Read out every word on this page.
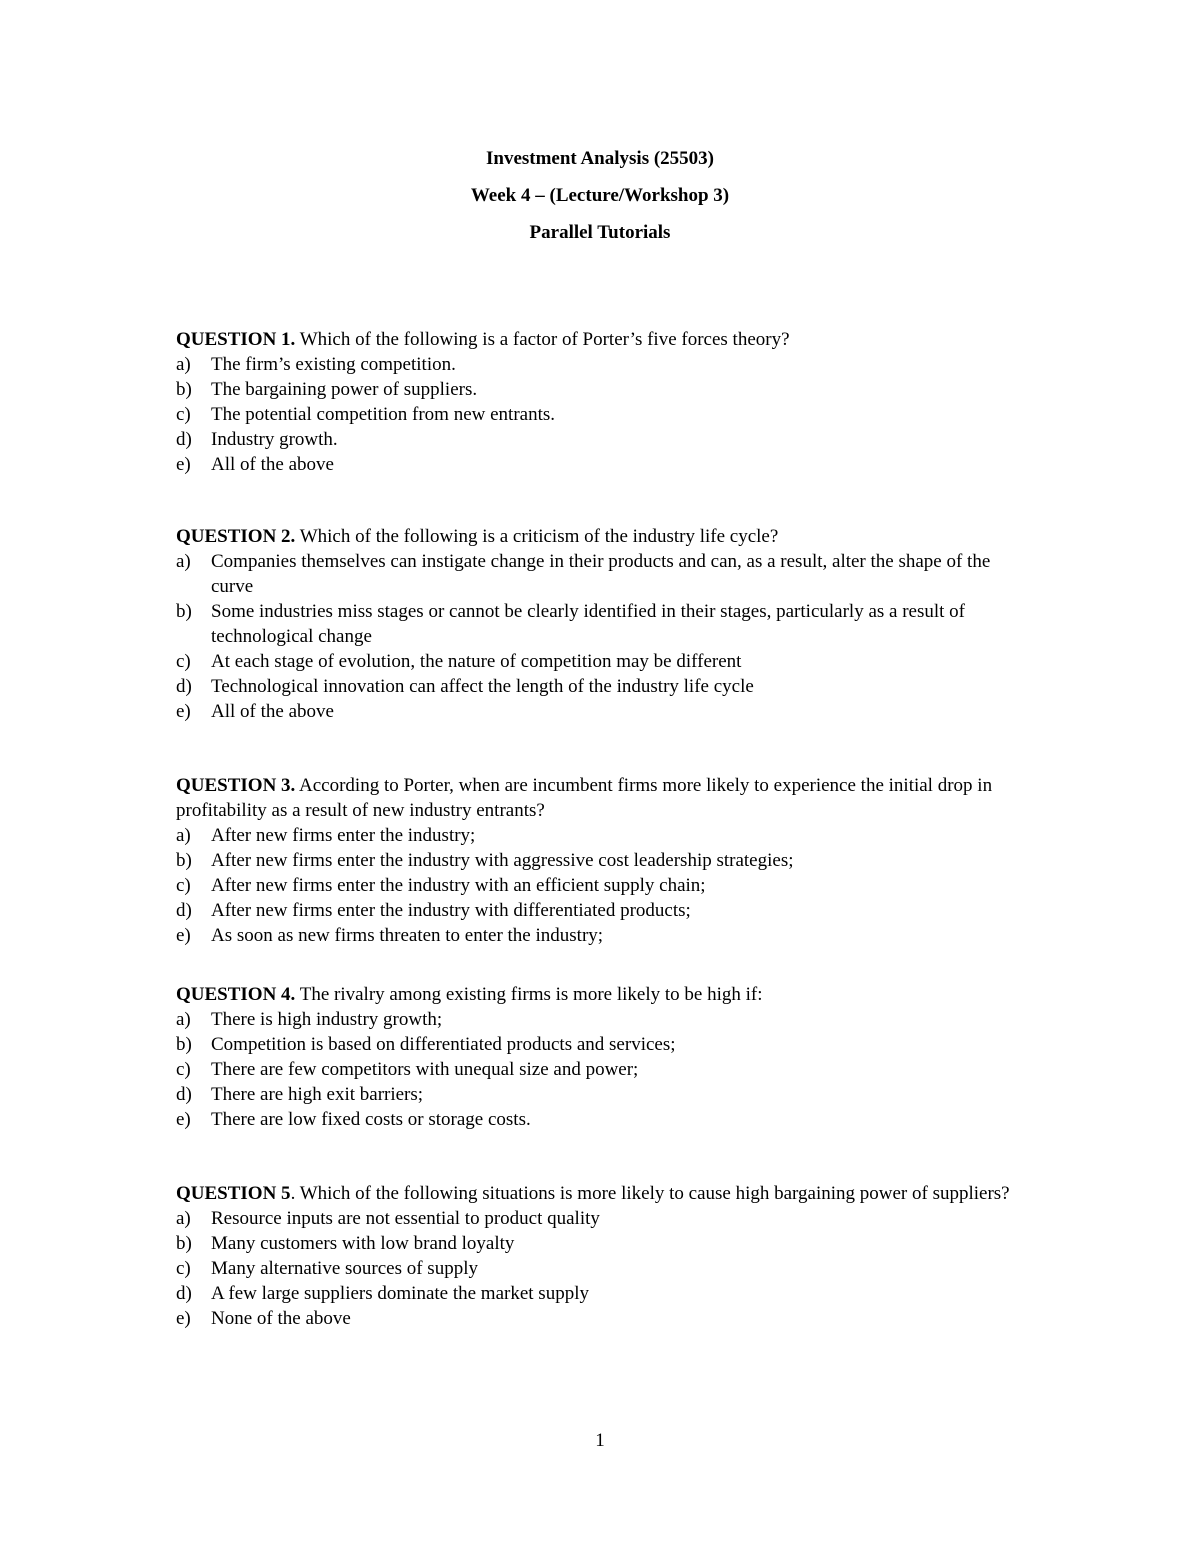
Investment Analysis (25503)
Week 4 – (Lecture/Workshop 3)
Parallel Tutorials
QUESTION 1. Which of the following is a factor of Porter’s five forces theory?
a)	The firm’s existing competition.
b)	The bargaining power of suppliers.
c)	The potential competition from new entrants.
d)	Industry growth.
e)	All of the above
QUESTION 2. Which of the following is a criticism of the industry life cycle?
a)	Companies themselves can instigate change in their products and can, as a result, alter the shape of the curve
b)	Some industries miss stages or cannot be clearly identified in their stages, particularly as a result of technological change
c)	At each stage of evolution, the nature of competition may be different
d)	Technological innovation can affect the length of the industry life cycle
e)	All of the above
QUESTION 3. According to Porter, when are incumbent firms more likely to experience the initial drop in profitability as a result of new industry entrants?
a)	After new firms enter the industry;
b)	After new firms enter the industry with aggressive cost leadership strategies;
c)	After new firms enter the industry with an efficient supply chain;
d)	After new firms enter the industry with differentiated products;
e)	As soon as new firms threaten to enter the industry;
QUESTION 4. The rivalry among existing firms is more likely to be high if:
a)	There is high industry growth;
b)	Competition is based on differentiated products and services;
c)	There are few competitors with unequal size and power;
d)	There are high exit barriers;
e)	There are low fixed costs or storage costs.
QUESTION 5. Which of the following situations is more likely to cause high bargaining power of suppliers?
a)	Resource inputs are not essential to product quality
b)	Many customers with low brand loyalty
c)	Many alternative sources of supply
d)	A few large suppliers dominate the market supply
e)	None of the above
1
